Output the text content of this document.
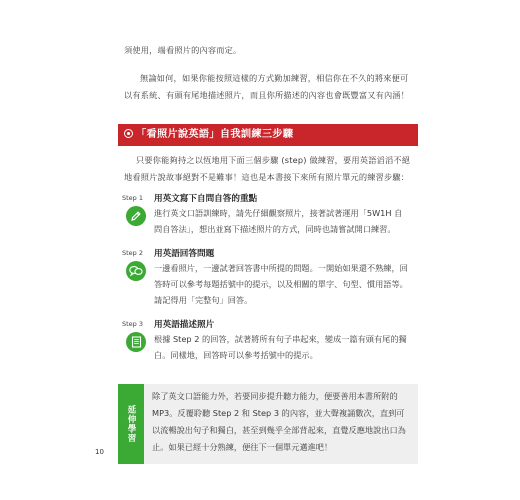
須使用，端看照片的內容而定。
無論如何，如果你能按照這樣的方式勤加練習，相信你在不久的將來便可以有系統、有頭有尾地描述照片，而且你所描述的內容也會既豐富又有內涵！
「看照片說英語」自我訓練三步驟
只要你能夠持之以恆地用下面三個步驟 (step) 做練習，要用英語滔滔不絕地看照片說故事絕對不是難事！這也是本書接下來所有照片單元的練習步驟：
Step 1 用英文寫下自問自答的重點
進行英文口語訓練時，請先仔細觀察照片，接著試著運用「5W1H 自問自答法」，想出並寫下描述照片的方式，同時也請嘗試開口練習。
Step 2 用英語回答問題
一邊看照片，一邊試著回答書中所提的問題。一開始如果還不熟練，回答時可以參考每題括號中的提示，以及相關的單字、句型、慣用語等。請記得用「完整句」回答。
Step 3 用英語描述照片
根據 Step 2 的回答，試著將所有句子串起來，變成一篇有頭有尾的獨白。同樣地，回答時可以參考括號中的提示。
延伸學習
除了英文口語能力外，若要同步提升聽力能力，便要善用本書所附的 MP3。反覆聆聽 Step 2 和 Step 3 的內容，並大聲複誦數次，直到可以流暢說出句子和獨白，甚至到幾乎全部背起來，直覺反應地說出口為止。如果已經十分熟練，便往下一個單元邁進吧！
10
